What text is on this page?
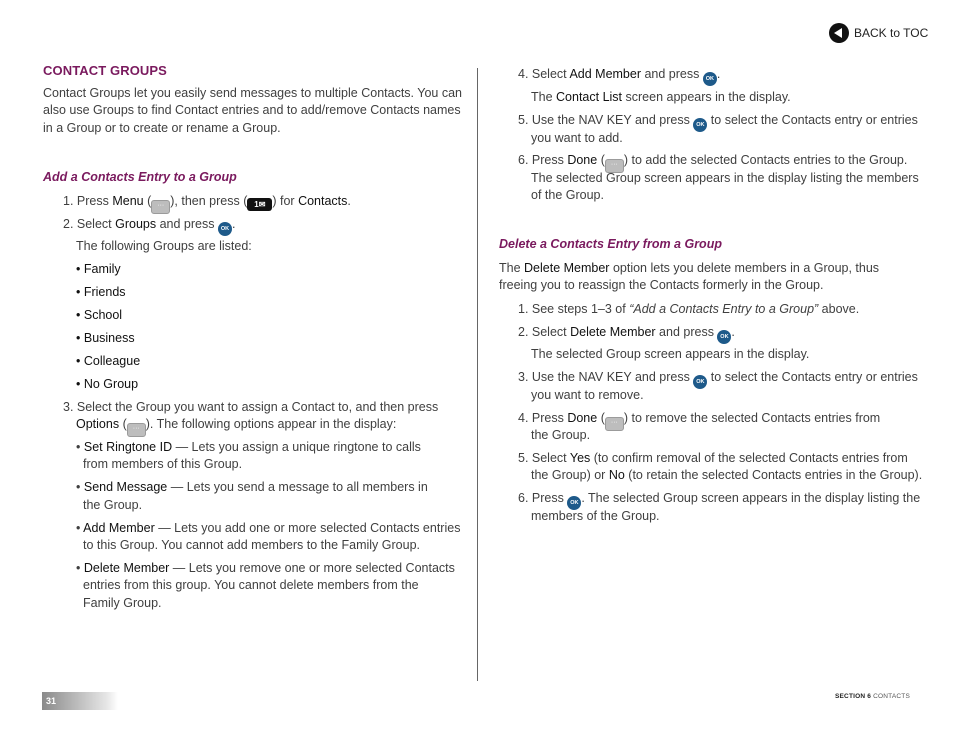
BACK to TOC
CONTACT GROUPS
Contact Groups let you easily send messages to multiple Contacts. You can
also use Groups to find Contact entries and to add/remove Contacts names
in a Group or to create or rename a Group.
Add a Contacts Entry to a Group
1. Press Menu ( ··· ), then press ( 1✉ ) for Contacts.
2. Select Groups and press OK .
The following Groups are listed:
• Family
• Friends
• School
• Business
• Colleague
• No Group
3. Select the Group you want to assign a Contact to, and then press
Options ( ··· ). The following options appear in the display:
• Set Ringtone ID — Lets you assign a unique ringtone to calls
from members of this Group.
• Send Message — Lets you send a message to all members in
the Group.
• Add Member — Lets you add one or more selected Contacts entries
to this Group. You cannot add members to the Family Group.
• Delete Member — Lets you remove one or more selected Contacts
entries from this group. You cannot delete members from the
Family Group.
4. Select Add Member and press OK .
The Contact List screen appears in the display.
5. Use the NAV KEY and press OK to select the Contacts entry or entries
you want to add.
6. Press Done ( ··· ) to add the selected Contacts entries to the Group.
The selected Group screen appears in the display listing the members
of the Group.
Delete a Contacts Entry from a Group
The Delete Member option lets you delete members in a Group, thus
freeing you to reassign the Contacts formerly in the Group.
1. See steps 1–3 of “Add a Contacts Entry to a Group” above.
2. Select Delete Member and press OK .
The selected Group screen appears in the display.
3. Use the NAV KEY and press OK to select the Contacts entry or entries
you want to remove.
4. Press Done ( ··· ) to remove the selected Contacts entries from
the Group.
5. Select Yes (to confirm removal of the selected Contacts entries from
the Group) or No (to retain the selected Contacts entries in the Group).
6. Press OK . The selected Group screen appears in the display listing the
members of the Group.
31	SECTION 6 CONTACTS
